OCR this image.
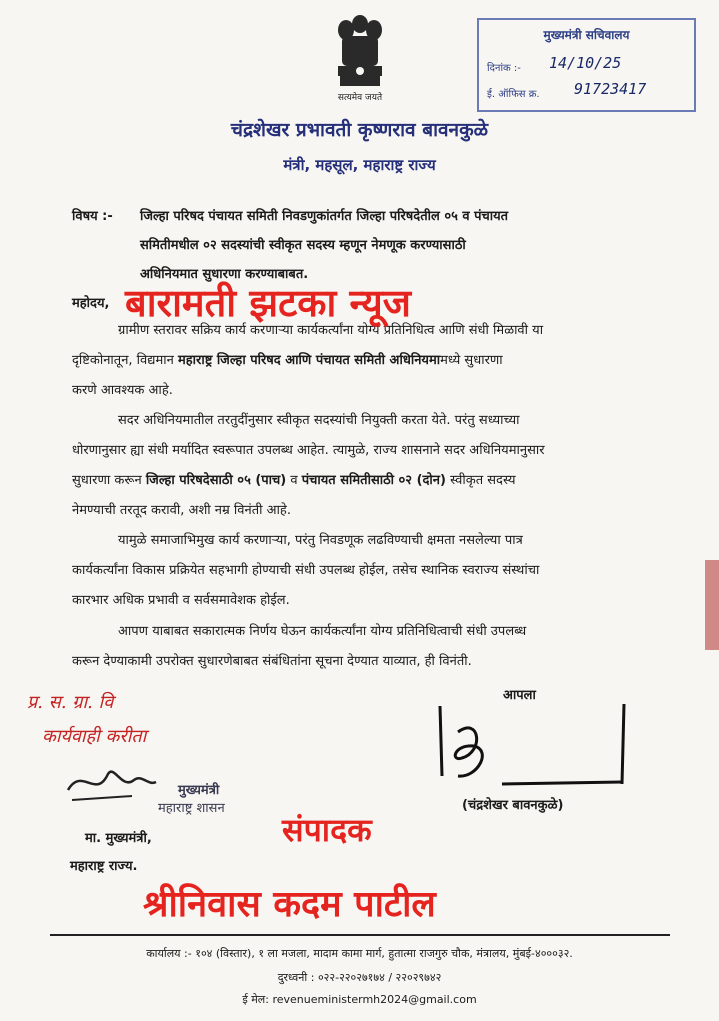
सत्यमेव जयते
मुख्यमंत्री सचिवालय
दिनांक :- 14/10/25
ई. ऑफिस क्र. 91723417
चंद्रशेखर प्रभावती कृष्णराव बावनकुळे
मंत्री, महसूल, महाराष्ट्र राज्य
विषय :- जिल्हा परिषद पंचायत समिती निवडणुकांतर्गत जिल्हा परिषदेतील ०५ व पंचायत
समितीमधील ०२ सदस्यांची स्वीकृत सदस्य म्हणून नेमणूक करण्यासाठी
अधिनियमात सुधारणा करण्याबाबत.
महोदय,
ग्रामीण स्तरावर सक्रिय कार्य करणाऱ्या कार्यकर्त्यांना योग्य प्रतिनिधित्व आणि संधी मिळावी या
दृष्टिकोनातून, विद्यमान महाराष्ट्र जिल्हा परिषद आणि पंचायत समिती अधिनियमामध्ये सुधारणा
करणे आवश्यक आहे.
सदर अधिनियमातील तरतुदींनुसार स्वीकृत सदस्यांची नियुक्ती करता येते. परंतु सध्याच्या
धोरणानुसार ह्या संधी मर्यादित स्वरूपात उपलब्ध आहेत. त्यामुळे, राज्य शासनाने सदर अधिनियमानुसार
सुधारणा करून जिल्हा परिषदेसाठी ०५ (पाच) व पंचायत समितीसाठी ०२ (दोन) स्वीकृत सदस्य
नेमण्याची तरतूद करावी, अशी नम्र विनंती आहे.
यामुळे समाजाभिमुख कार्य करणाऱ्या, परंतु निवडणूक लढविण्याची क्षमता नसलेल्या पात्र
कार्यकर्त्यांना विकास प्रक्रियेत सहभागी होण्याची संधी उपलब्ध होईल, तसेच स्थानिक स्वराज्य संस्थांचा
कारभार अधिक प्रभावी व सर्वसमावेशक होईल.
आपण याबाबत सकारात्मक निर्णय घेऊन कार्यकर्त्यांना योग्य प्रतिनिधित्वाची संधी उपलब्ध
करून देण्याकामी उपरोक्त सुधारणेबाबत संबंधितांना सूचना देण्यात याव्यात, ही विनंती.
बारामती झटका न्यूज
आपला
(चंद्रशेखर बावनकुळे)
प्र. स. ग्रा. वि
कार्यवाही करीता
मुख्यमंत्री
महाराष्ट्र शासन
मा. मुख्यमंत्री,
महाराष्ट्र राज्य.
संपादक
श्रीनिवास कदम पाटील
कार्यालय :- १०४ (विस्तार), १ ला मजला, मादाम कामा मार्ग, हुतात्मा राजगुरु चौक, मंत्रालय, मुंबई-४०००३२.
दुरध्वनी : ०२२-२२०२७१७४ / २२०२९७४२
ई मेल: revenueministermh2024@gmail.com
